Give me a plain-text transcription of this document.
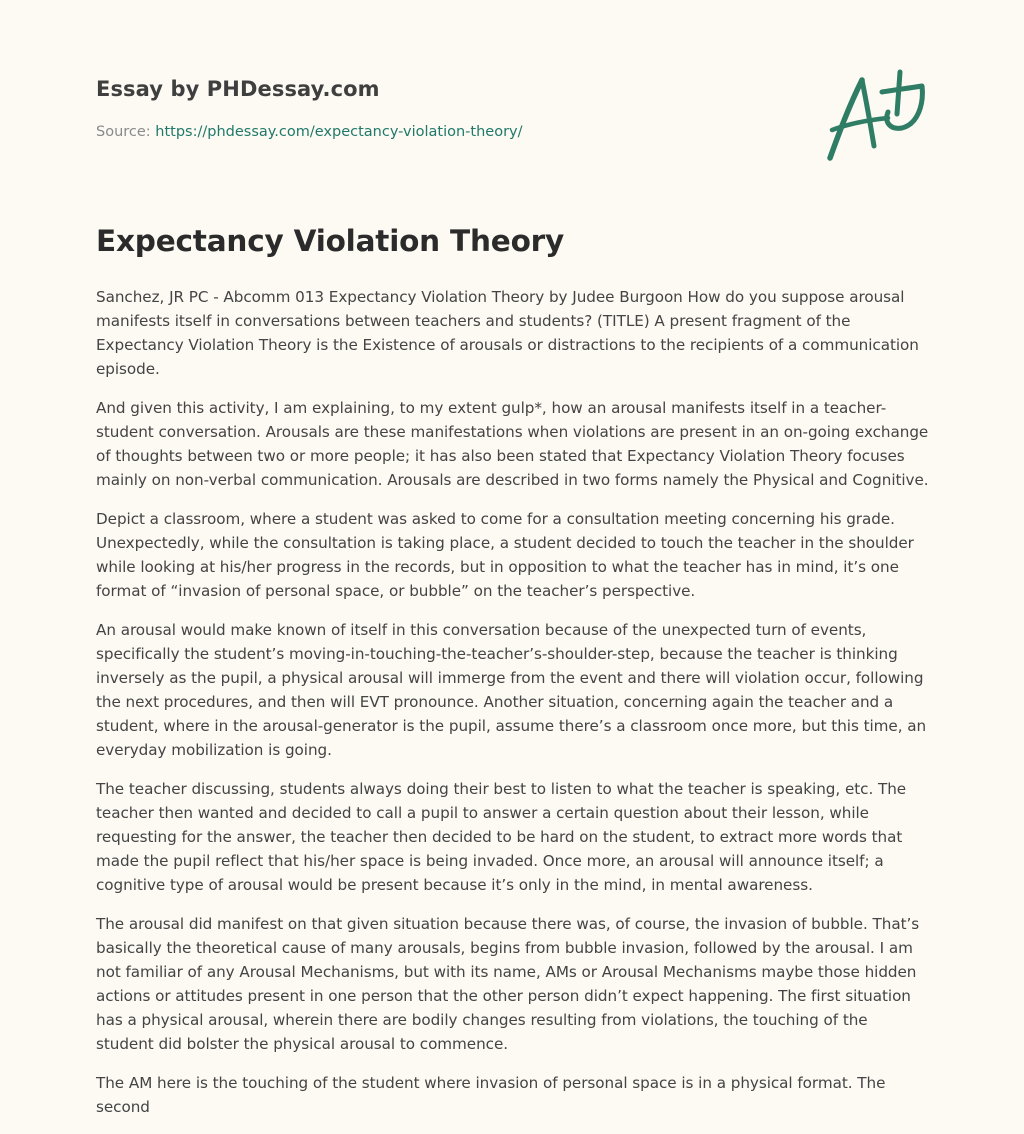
Essay by PHDessay.com
Source: https://phdessay.com/expectancy-violation-theory/
Expectancy Violation Theory

Sanchez, JR PC - Abcomm 013 Expectancy Violation Theory by Judee Burgoon How do you suppose arousal manifests itself in conversations between teachers and students? (TITLE) A present fragment of the Expectancy Violation Theory is the Existence of arousals or distractions to the recipients of a communication episode.

And given this activity, I am explaining, to my extent gulp*, how an arousal manifests itself in a teacher-student conversation. Arousals are these manifestations when violations are present in an on-going exchange of thoughts between two or more people; it has also been stated that Expectancy Violation Theory focuses mainly on non-verbal communication. Arousals are described in two forms namely the Physical and Cognitive.

Depict a classroom, where a student was asked to come for a consultation meeting concerning his grade. Unexpectedly, while the consultation is taking place, a student decided to touch the teacher in the shoulder while looking at his/her progress in the records, but in opposition to what the teacher has in mind, it’s one format of “invasion of personal space, or bubble” on the teacher’s perspective.

An arousal would make known of itself in this conversation because of the unexpected turn of events, specifically the student’s moving-in-touching-the-teacher’s-shoulder-step, because the teacher is thinking inversely as the pupil, a physical arousal will immerge from the event and there will violation occur, following the next procedures, and then will EVT pronounce. Another situation, concerning again the teacher and a student, where in the arousal-generator is the pupil, assume there’s a classroom once more, but this time, an everyday mobilization is going.

The teacher discussing, students always doing their best to listen to what the teacher is speaking, etc. The teacher then wanted and decided to call a pupil to answer a certain question about their lesson, while requesting for the answer, the teacher then decided to be hard on the student, to extract more words that made the pupil reflect that his/her space is being invaded. Once more, an arousal will announce itself; a cognitive type of arousal would be present because it’s only in the mind, in mental awareness.

The arousal did manifest on that given situation because there was, of course, the invasion of bubble. That’s basically the theoretical cause of many arousals, begins from bubble invasion, followed by the arousal. I am not familiar of any Arousal Mechanisms, but with its name, AMs or Arousal Mechanisms maybe those hidden actions or attitudes present in one person that the other person didn’t expect happening. The first situation has a physical arousal, wherein there are bodily changes resulting from violations, the touching of the student did bolster the physical arousal to commence.

The AM here is the touching of the student where invasion of personal space is in a physical format. The second
